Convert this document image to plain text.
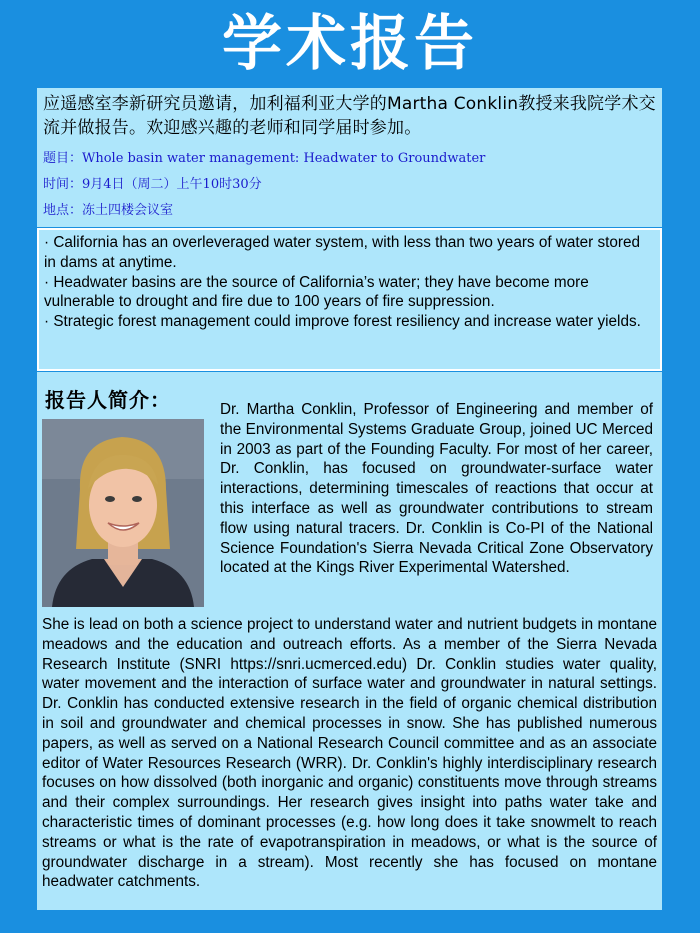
学术报告

应遥感室李新研究员邀请，加利福利亚大学的Martha Conklin教授来我院学术交流并做报告。欢迎感兴趣的老师和同学届时参加。

题目：Whole basin water management: Headwater to Groundwater

时间：9月4日（周二）上午10时30分

地点：冻土四楼会议室

· California has an overleveraged water system, with less than two years of water stored in dams at anytime.

· Headwater basins are the source of California’s water; they have become more vulnerable to drought and fire due to 100 years of fire suppression.

· Strategic forest management could improve forest resiliency and increase water yields.

报告人简介：	Dr. Martha Conklin, Professor of Engineering and member of the Environmental Systems Graduate Group, joined UC Merced in 2003 as part of the Founding Faculty. For most of her career, Dr. Conklin, has focused on groundwater-surface water interactions, determining timescales of reactions that occur at this interface as well as groundwater contributions to stream flow using natural tracers. Dr. Conklin is Co-PI of the National Science Foundation's Sierra Nevada Critical Zone Observatory located at the Kings River Experimental Watershed.

She is lead on both a science project to understand water and nutrient budgets in montane meadows and the education and outreach efforts. As a member of the Sierra Nevada Research Institute (SNRI https://snri.ucmerced.edu) Dr. Conklin studies water quality, water movement and the interaction of surface water and groundwater in natural settings. Dr. Conklin has conducted extensive research in the field of organic chemical distribution in soil and groundwater and chemical processes in snow. She has published numerous papers, as well as served on a National Research Council committee and as an associate editor of Water Resources Research (WRR). Dr. Conklin's highly interdisciplinary research focuses on how dissolved (both inorganic and organic) constituents move through streams and their complex surroundings. Her research gives insight into paths water take and characteristic times of dominant processes (e.g. how long does it take snowmelt to reach streams or what is the rate of evapotranspiration in meadows, or what is the source of groundwater discharge in a stream). Most recently she has focused on montane headwater catchments.
